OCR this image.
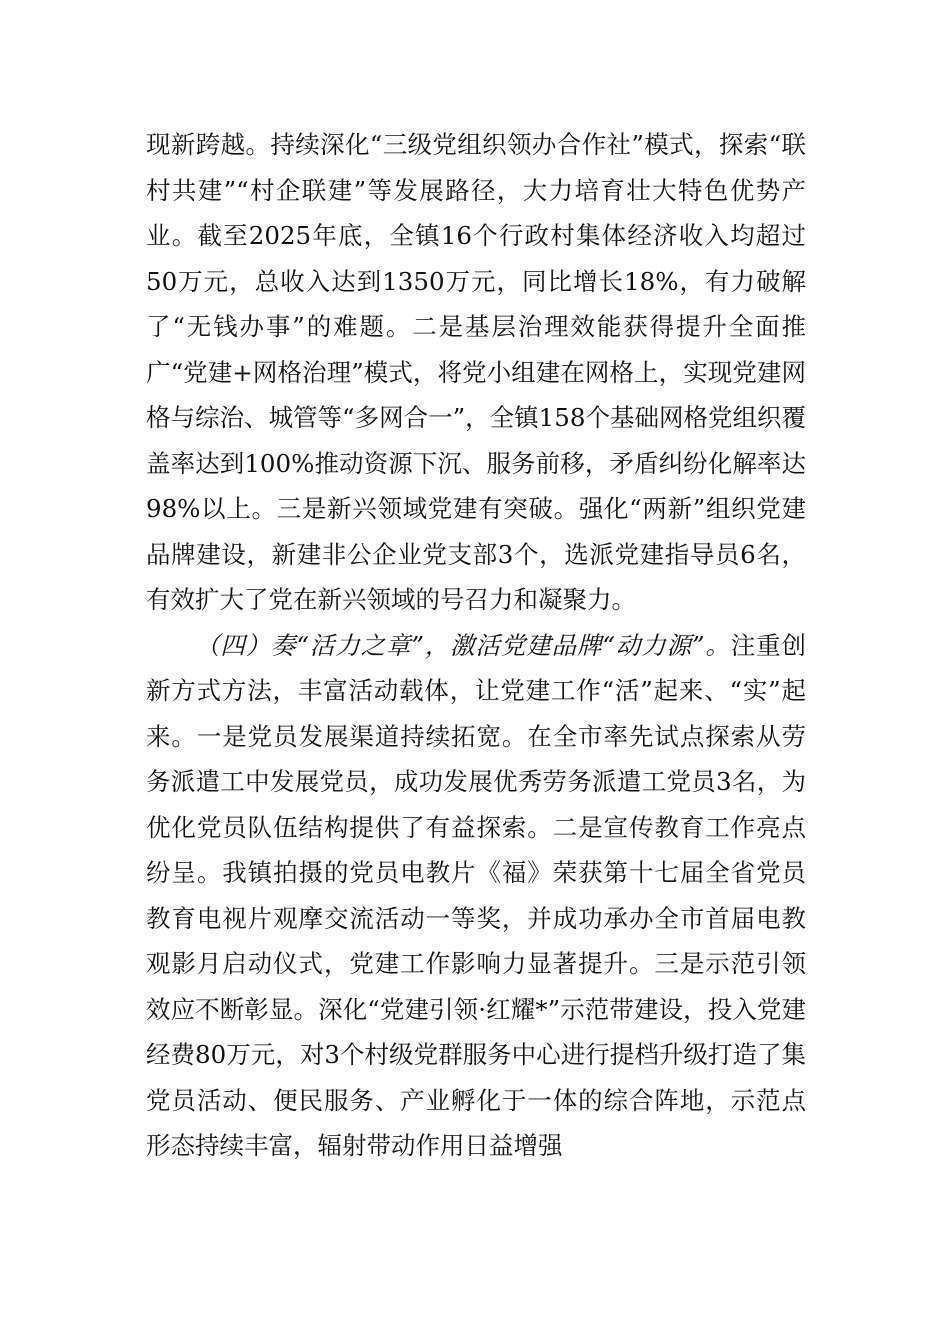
现新跨越。持续深化“三级党组织领办合作社”模式，探索“联村共建”“村企联建”等发展路径，大力培育壮大特色优势产业。截至2025年底，全镇16个行政村集体经济收入均超过50万元，总收入达到1350万元，同比增长18%，有力破解了“无钱办事”的难题。二是基层治理效能获得提升全面推广“党建+网格治理”模式，将党小组建在网格上，实现党建网格与综治、城管等“多网合一”，全镇158个基础网格党组织覆盖率达到100%推动资源下沉、服务前移，矛盾纠纷化解率达98%以上。三是新兴领域党建有突破。强化“两新”组织党建品牌建设，新建非公企业党支部3个，选派党建指导员6名，有效扩大了党在新兴领域的号召力和凝聚力。

（四）奏“活力之章”，激活党建品牌“动力源”。注重创新方式方法，丰富活动载体，让党建工作“活”起来、“实”起来。一是党员发展渠道持续拓宽。在全市率先试点探索从劳务派遣工中发展党员，成功发展优秀劳务派遣工党员3名，为优化党员队伍结构提供了有益探索。二是宣传教育工作亮点纷呈。我镇拍摄的党员电教片《福》荣获第十七届全省党员教育电视片观摩交流活动一等奖，并成功承办全市首届电教观影月启动仪式，党建工作影响力显著提升。三是示范引领效应不断彰显。深化“党建引领·红耀*”示范带建设，投入党建经费80万元，对3个村级党群服务中心进行提档升级打造了集党员活动、便民服务、产业孵化于一体的综合阵地，示范点形态持续丰富，辐射带动作用日益增强
